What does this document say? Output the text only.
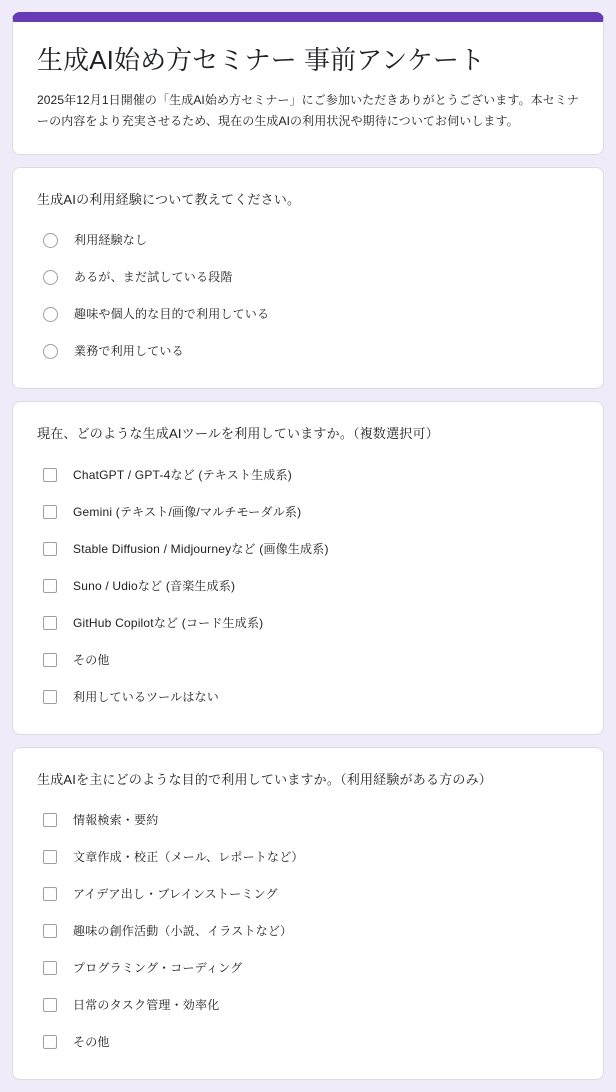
生成AI始め方セミナー 事前アンケート

2025年12月1日開催の「生成AI始め方セミナー」にご参加いただきありがとうございます。本セミナーの内容をより充実させるため、現在の生成AIの利用状況や期待についてお伺いします。

生成AIの利用経験について教えてください。
利用経験なし
あるが、まだ試している段階
趣味や個人的な目的で利用している
業務で利用している
現在、どのような生成AIツールを利用していますか。（複数選択可）
ChatGPT / GPT-4など (テキスト生成系)
Gemini (テキスト/画像/マルチモーダル系)
Stable Diffusion / Midjourneyなど (画像生成系)
Suno / Udioなど (音楽生成系)
GitHub Copilotなど (コード生成系)
その他
利用しているツールはない
生成AIを主にどのような目的で利用していますか。（利用経験がある方のみ）
情報検索・要約
文章作成・校正（メール、レポートなど）
アイデア出し・ブレインストーミング
趣味の創作活動（小説、イラストなど）
プログラミング・コーディング
日常のタスク管理・効率化
その他
